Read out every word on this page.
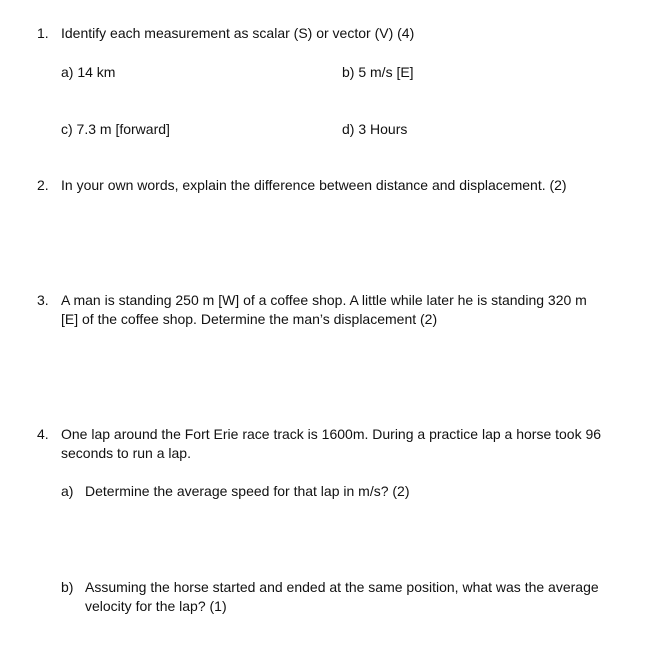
1. Identify each measurement as scalar (S) or vector (V) (4)
a) 14 km	b) 5 m/s [E]
c) 7.3 m [forward]	d) 3 Hours
2. In your own words, explain the difference between distance and displacement. (2)
3. A man is standing 250 m [W] of a coffee shop. A little while later he is standing 320 m
[E] of the coffee shop. Determine the man’s displacement (2)
4. One lap around the Fort Erie race track is 1600m. During a practice lap a horse took 96
seconds to run a lap.
a) Determine the average speed for that lap in m/s? (2)
b) Assuming the horse started and ended at the same position, what was the average
velocity for the lap? (1)
